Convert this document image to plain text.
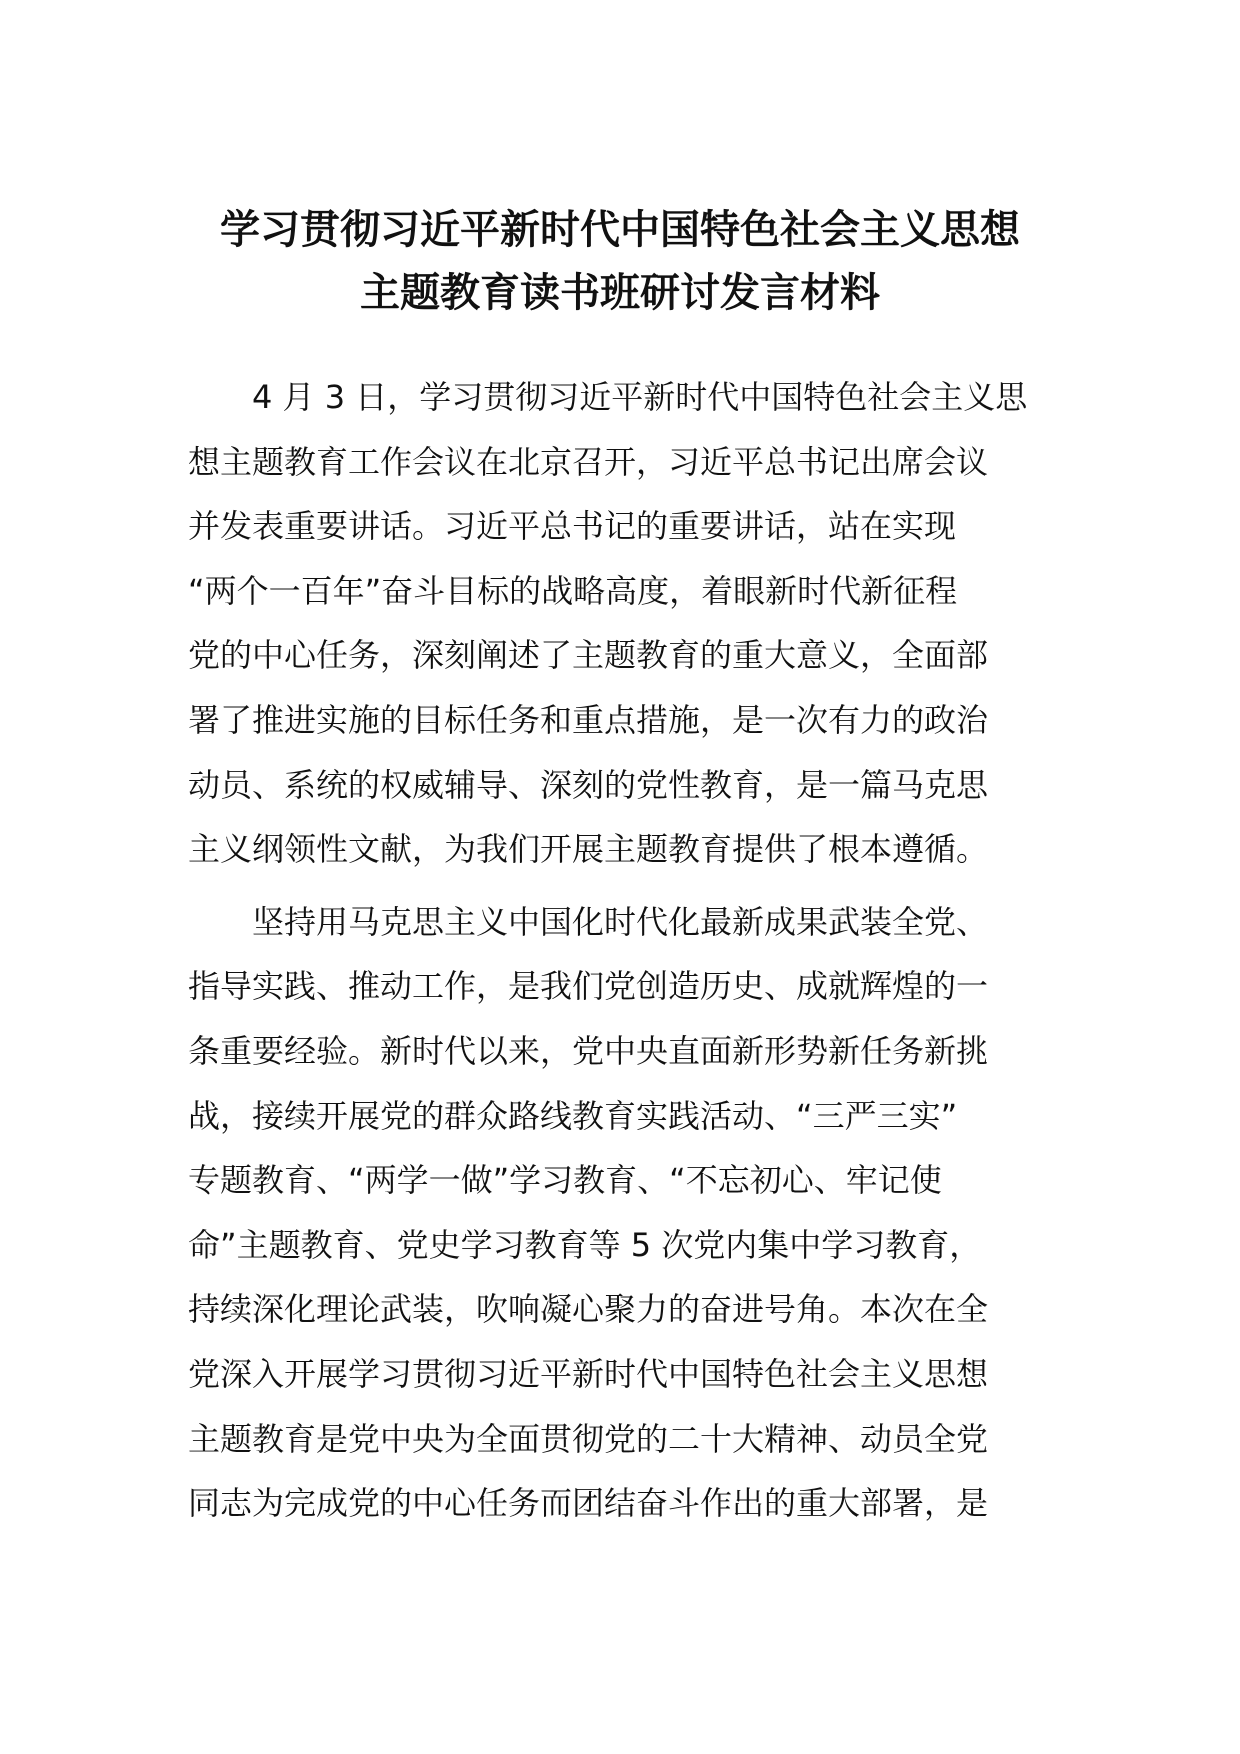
学习贯彻习近平新时代中国特色社会主义思想
主题教育读书班研讨发言材料
4 月 3 日，学习贯彻习近平新时代中国特色社会主义思
想主题教育工作会议在北京召开，习近平总书记出席会议
并发表重要讲话。习近平总书记的重要讲话，站在实现
“两个一百年”奋斗目标的战略高度，着眼新时代新征程
党的中心任务，深刻阐述了主题教育的重大意义，全面部
署了推进实施的目标任务和重点措施，是一次有力的政治
动员、系统的权威辅导、深刻的党性教育，是一篇马克思
主义纲领性文献，为我们开展主题教育提供了根本遵循。
坚持用马克思主义中国化时代化最新成果武装全党、
指导实践、推动工作，是我们党创造历史、成就辉煌的一
条重要经验。新时代以来，党中央直面新形势新任务新挑
战，接续开展党的群众路线教育实践活动、“三严三实”
专题教育、“两学一做”学习教育、“不忘初心、牢记使
命”主题教育、党史学习教育等 5 次党内集中学习教育，
持续深化理论武装，吹响凝心聚力的奋进号角。本次在全
党深入开展学习贯彻习近平新时代中国特色社会主义思想
主题教育是党中央为全面贯彻党的二十大精神、动员全党
同志为完成党的中心任务而团结奋斗作出的重大部署，是
